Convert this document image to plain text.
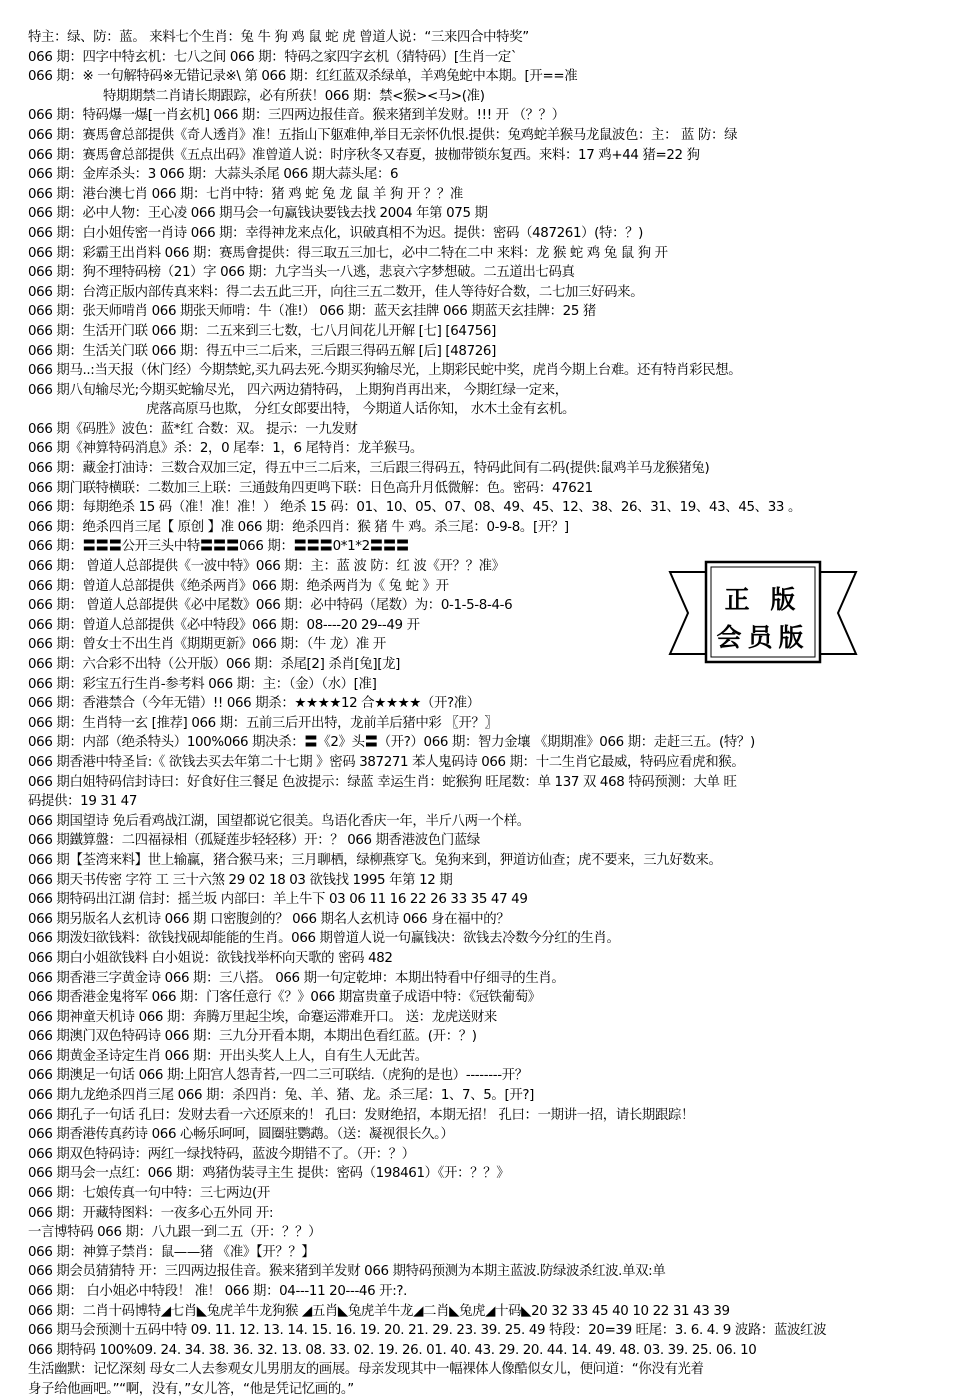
特主：绿、防：蓝。 来料七个生肖：兔 牛 狗 鸡 鼠 蛇 虎 曾道人说：“三来四合中特奖”
066 期：四字中特玄机：七八之间 066 期：特码之家四字玄机（猜特码）[生肖一定`
066 期：※ 一句解特码※无错记录※\ 第 066 期：红红蓝双杀绿单，羊鸡兔蛇中本期。[开==准
特期期禁二肖请长期跟踪，必有所获！066 期：禁<猴><马>(准)
066 期：特码爆一爆[一肖玄机] 066 期：三四两边报佳音。猴来猪到羊发财。!!! 开 （？？）
066 期：赛馬會总部提供《奇人透肖》准！五指山下躯难伸,举目无亲怀仇恨.提供：兔鸡蛇羊猴马龙鼠波色：主： 蓝 防：绿
066 期：赛馬會总部提供《五点出码》准曾道人说：时序秋冬又春夏，披枷带锁东复西。来料：17 鸡+44 猪=22 狗
066 期：金库杀头：3 066 期：大蒜头杀尾 066 期大蒜头尾：6
066 期：港台澳七肖 066 期：七肖中特：猪 鸡 蛇 兔 龙 鼠 羊 狗 开 ？？准
066 期：必中人物：王心凌 066 期马会一句赢钱诀要钱去找 2004 年第 075 期
066 期：白小姐传密一肖诗 066 期：幸得神龙来点化，识破真相不为迟。提供：密码（487261）(特：？)
066 期：彩霸王出肖料 066 期：赛馬會提供：得三取五三加七，必中二特在二中 来料：龙 猴 蛇 鸡 兔 鼠 狗 开
066 期：狗不理特码榜（21）字 066 期：九字当头一八逃，悲哀六字梦想破。二五道出七码真
066 期：台湾正版内部传真来料：得二去五此三开，向往三五二数开，佳人等待好合数，二七加三好码来。
066 期：张天师啃肖 066 期张天师啃：牛（准!） 066 期：蓝天玄挂牌 066 期蓝天玄挂牌：25 猪
066 期：生活开门联 066 期：二五来到三七数，七八月间花儿开解 [七] [64756]
066 期：生活关门联 066 期：得五中三二后来，三后跟三得码五解 [后] [48726]
066 期马..:当天报（休门经）今期禁蛇,买九码去死.今期买狗输尽光，上期彩民蛇中奖，虎肖今期上台难。还有特肖彩民想。
066 期八旬输尽光;今期买蛇输尽光， 四六两边猜特码， 上期狗肖再出来， 今期红绿一定来，
虎落高原马也欺， 分红女郎要出特， 今期道人话你知， 水木土金有玄机。
066 期《码胜》波色：蓝*红 合数：双。 提示：一九发财
066 期《神算特码消息》杀：2，0 尾奉：1，6 尾特肖：龙羊猴马。
066 期：藏金打油诗：三数合双加三定，得五中三二后来，三后跟三得码五，特码此间有二码(提供:鼠鸡羊马龙猴猪兔)
066 期门联特横联：二数加三上联：三通鼓角四更鸣下联：日色高升月低微解：色。密码：47621
066 期：每期绝杀 15 码（准！准！准！） 绝杀 15 码：01、10、05、07、08、49、45、12、38、26、31、19、43、45、33 。
066 期：绝杀四肖三尾【 原创 】准 066 期：绝杀四肖：猴 猪 牛 鸡。杀三尾：0-9-8。[开？]
066 期：〓〓〓公开三头中特〓〓〓066 期：〓〓〓0*1*2〓〓〓
066 期： 曾道人总部提供《一波中特》066 期：主：蓝 波 防：红 波《开？？准》
066 期：曾道人总部提供《绝杀两肖》066 期：绝杀两肖为《 兔 蛇 》开
066 期： 曾道人总部提供《必中尾数》066 期：必中特码（尾数）为：0-1-5-8-4-6
066 期：曾道人总部提供《必中特段》066 期：08----20 29--49 开
066 期：曾女士不出生肖《期期更新》066 期：（牛 龙）准 开
066 期：六合彩不出特（公开版）066 期：杀尾[2] 杀肖[兔][龙]
066 期：彩宝五行生肖-参考料 066 期：主：（金）（水）[准]
066 期：香港禁合（今年无错）!! 066 期杀：★★★★12 合★★★★（开?准）
066 期：生肖特一玄 [推荐] 066 期：五前三后开出特，龙前羊后猪中彩 〖开？〗
066 期：内部（绝杀特头）100%066 期决杀：〓《2》头〓（开?）066 期：智力金壤 《期期准》066 期：走赶三五。(特？)
066 期香港中特圣旨:《 欲钱去买去年第二十七期 》密码 387271 苯人鬼码诗 066 期：十二生肖它最威，特码应看虎和猴。
066 期白姐特码信封诗曰：好食好住三餐足 色波提示：绿蓝 幸运生肖：蛇猴狗 旺尾数：单 137 双 468 特码预测：大单 旺
码提供：19 31 47
066 期国望诗 免后看鸡战江湖，国望都说它很美。鸟语化香庆一年，半斤八两一个样。
066 期鐵算盤：二四福禄相（孤疑莲步轻轻移）开：？ 066 期香港波色门蓝绿
066 期【荃湾来料】世上输赢，猪合猴马来；三月聊栖，绿柳燕穿飞。兔狗来到，狎道访仙查；虎不要来，三九好数来。
066 期天书传密 字符 工 三十六煞 29 02 18 03 欲钱找 1995 年第 12 期
066 期特码出江湖 信封：摇兰坂 内部曰：羊上牛下 03 06 11 16 22 26 33 35 47 49
066 期另版名人玄机诗 066 期 口密腹剑的？ 066 期名人玄机诗 066 身在福中的？
066 期泼妇欲钱料：欲钱找砚却能能的生肖。066 期曾道人说一句赢钱决：欲钱去冷数今分红的生肖。
066 期白小姐欲钱料 白小姐说：欲钱找举杯向天歌的 密码 482
066 期香港三字黄金诗 066 期：三八搭。 066 期一句定乾坤：本期出特看中仔细寻的生肖。
066 期香港金鬼将军 066 期：门客任意行《？》066 期富贵童子成语中特：《冠铁葡萄》
066 期神童天机诗 066 期：奔腾万里起尘埃，命蹇运滞难开口。 送：龙虎送财来
066 期澳门双色特码诗 066 期：三九分开看本期，本期出色看红蓝。(开：？)
066 期黄金圣诗定生肖 066 期：开出头奖人上人，自有生人无此苦。
066 期澳足一句话 066 期:上阳宫人怨青苔,一四二三可联结.（虎狗的是也）--------开？
066 期九龙绝杀四肖三尾 066 期：杀四肖：兔、羊、猪、龙。杀三尾：1、7、5。[开?]
066 期孔子一句话 孔曰：发财去看一六还原来的！ 孔曰：发财绝招，本期无招！ 孔曰：一期讲一招，请长期跟踪！
066 期香港传真药诗 066 心畅乐呵呵，圆圈驻鹦鹉。（送：凝视很长久。）
066 期双色特码诗：两红一绿找特码，蓝波今期错不了。（开：？）
066 期马会一点红：066 期：鸡猪伪装寻主生 提供：密码（198461）《开：？？》
066 期：七娘传真一句中特：三七两边(开
066 期：开藏特图料：一夜多心五外同 开:
一言博特码 066 期：八九跟一到二五（开：？？）
066 期：神算子禁肖：鼠——猪 《准》【开？？】
066 期会员猜猜特 开：三四两边报佳音。猴来猪到羊发财 066 期特码预测为本期主蓝波.防绿波杀红波.单双:单
066 期： 白小姐必中特段！ 准！ 066 期：04---11 20---46 开:?.
066 期：二肖十码博特◢七肖◣兔虎羊牛龙狗猴 ◢五肖◣兔虎羊牛龙◢二肖◣兔虎◢十码◣20 32 33 45 40 10 22 31 43 39
066 期马会预测十五码中特 09. 11. 12. 13. 14. 15. 16. 19. 20. 21. 29. 23. 39. 25. 49 特段：20=39 旺尾：3. 6. 4. 9 波路：蓝波红波
066 期特码 100%09. 24. 34. 38. 36. 32. 13. 08. 33. 02. 19. 26. 01. 40. 43. 29. 20. 44. 14. 49. 48. 03. 39. 25. 06. 10
生活幽默：记忆深刻 母女二人去参观女儿男朋友的画展。母亲发现其中一幅裸体人像酷似女儿，便问道：“你没有光着
身子给他画吧。”“啊，没有，”女儿答，“他是凭记忆画的。”
正 版
会员版
